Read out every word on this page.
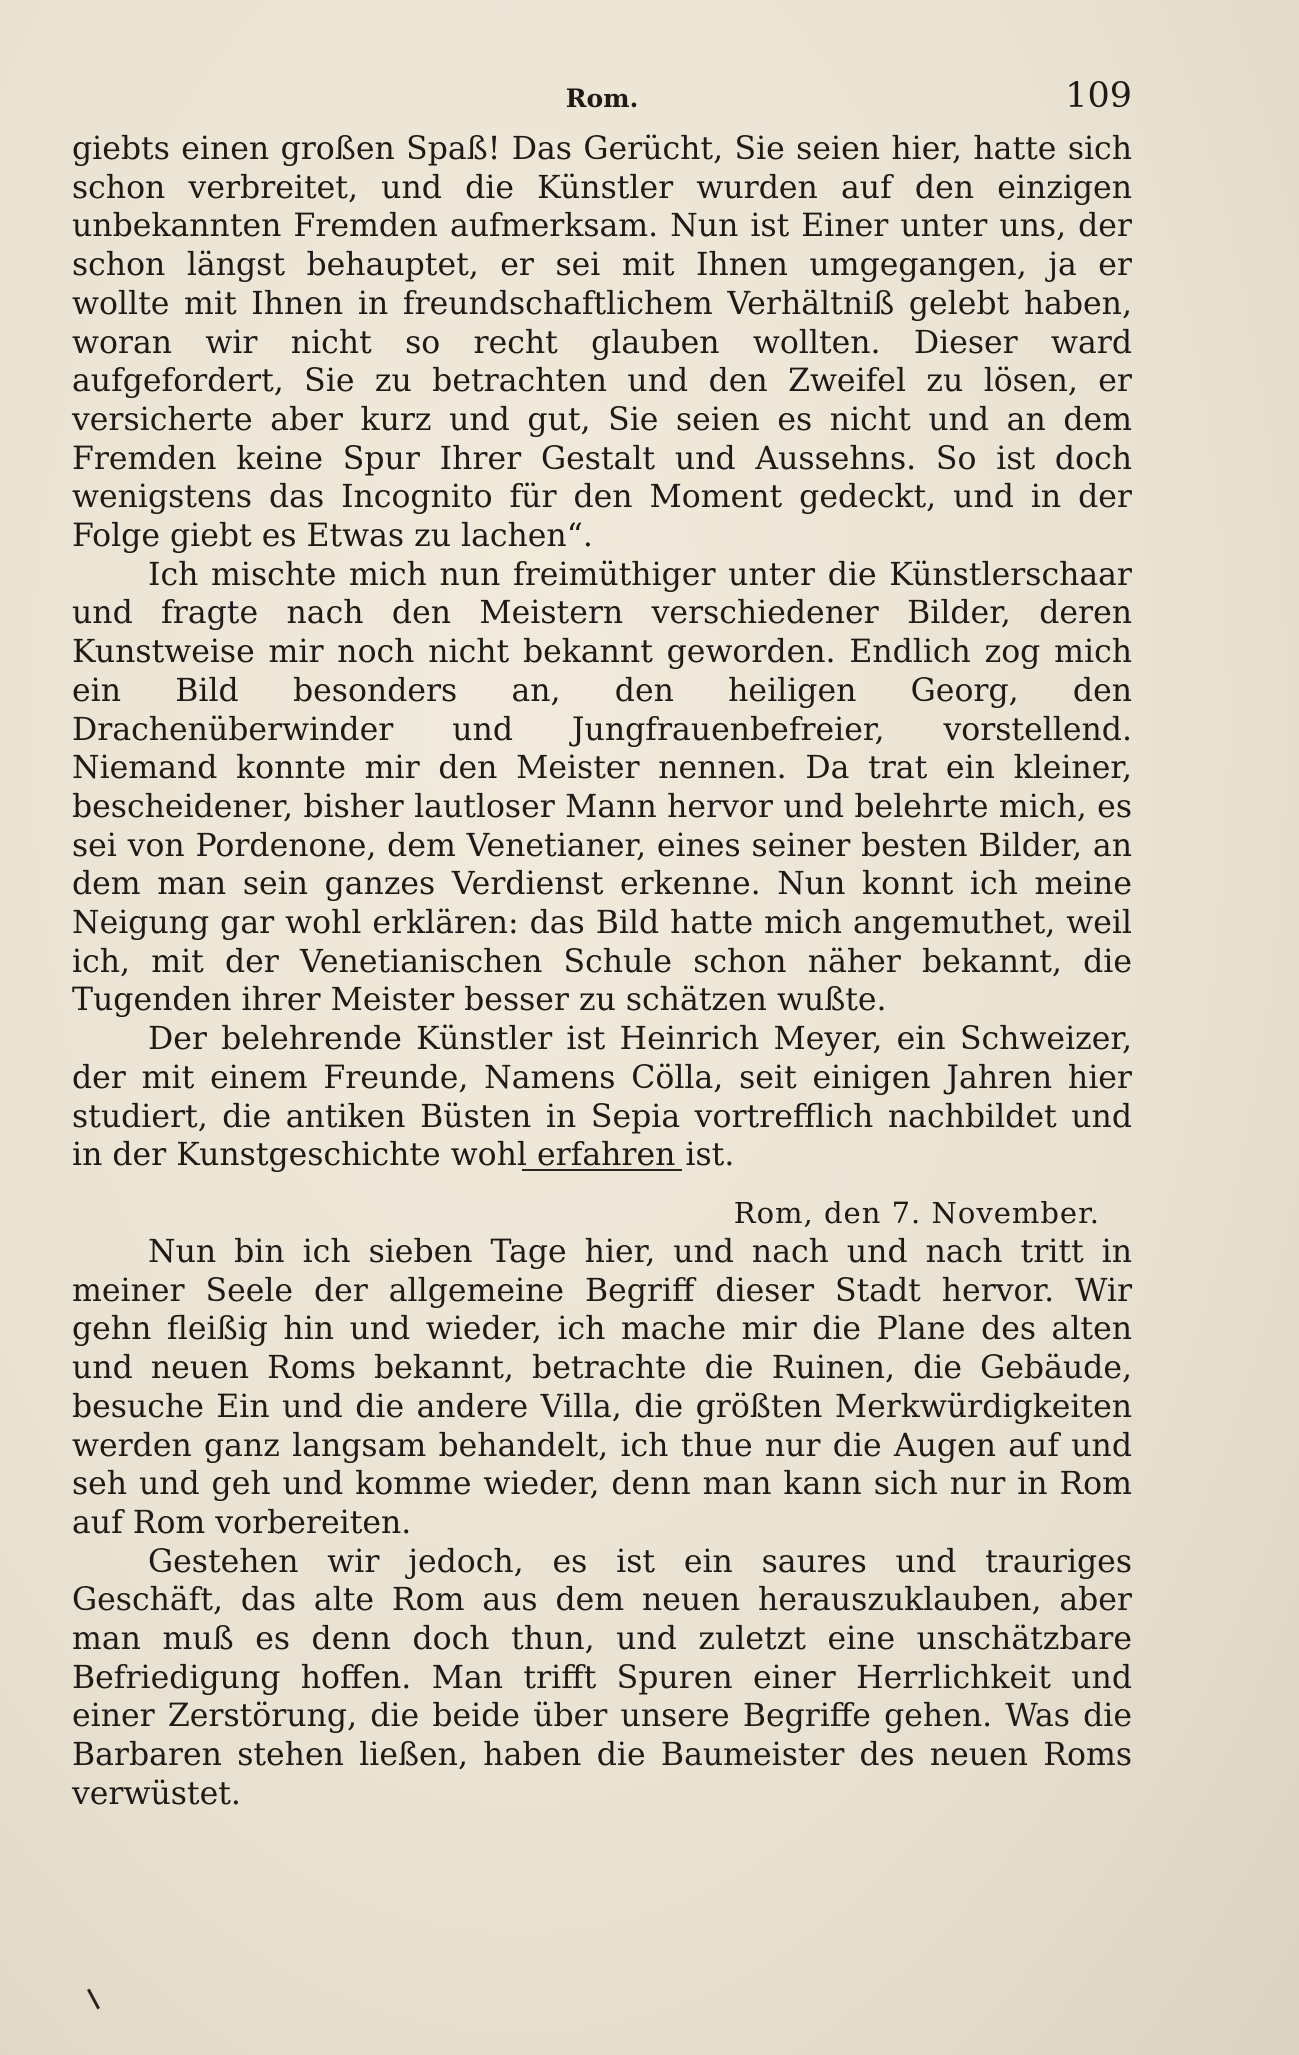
Rom.	109

giebts einen großen Spaß! Das Gerücht, Sie seien hier, hatte sich schon verbreitet, und die Künstler wurden auf den einzigen unbekannten Fremden aufmerksam. Nun ist Einer unter uns, der schon längst behauptet, er sei mit Ihnen umgegangen, ja er wollte mit Ihnen in freundschaftlichem Verhältniß gelebt haben, woran wir nicht so recht glauben wollten. Dieser ward aufgefordert, Sie zu betrachten und den Zweifel zu lösen, er versicherte aber kurz und gut, Sie seien es nicht und an dem Fremden keine Spur Ihrer Gestalt und Aussehns. So ist doch wenigstens das Incognito für den Moment gedeckt, und in der Folge giebt es Etwas zu lachen“.

Ich mischte mich nun freimüthiger unter die Künstlerschaar und fragte nach den Meistern verschiedener Bilder, deren Kunstweise mir noch nicht bekannt geworden. Endlich zog mich ein Bild besonders an, den heiligen Georg, den Drachenüberwinder und Jungfrauenbefreier, vorstellend. Niemand konnte mir den Meister nennen. Da trat ein kleiner, bescheidener, bisher lautloser Mann hervor und belehrte mich, es sei von Pordenone, dem Venetianer, eines seiner besten Bilder, an dem man sein ganzes Verdienst erkenne. Nun konnt ich meine Neigung gar wohl erklären: das Bild hatte mich angemuthet, weil ich, mit der Venetianischen Schule schon näher bekannt, die Tugenden ihrer Meister besser zu schätzen wußte.

Der belehrende Künstler ist Heinrich Meyer, ein Schweizer, der mit einem Freunde, Namens Cölla, seit einigen Jahren hier studiert, die antiken Büsten in Sepia vortrefflich nachbildet und in der Kunstgeschichte wohl erfahren ist.

Rom, den 7. November.

Nun bin ich sieben Tage hier, und nach und nach tritt in meiner Seele der allgemeine Begriff dieser Stadt hervor. Wir gehn fleißig hin und wieder, ich mache mir die Plane des alten und neuen Roms bekannt, betrachte die Ruinen, die Gebäude, besuche Ein und die andere Villa, die größten Merkwürdigkeiten werden ganz langsam behandelt, ich thue nur die Augen auf und seh und geh und komme wieder, denn man kann sich nur in Rom auf Rom vorbereiten.

Gestehen wir jedoch, es ist ein saures und trauriges Geschäft, das alte Rom aus dem neuen herauszuklauben, aber man muß es denn doch thun, und zuletzt eine unschätzbare Befriedigung hoffen. Man trifft Spuren einer Herrlichkeit und einer Zerstörung, die beide über unsere Begriffe gehen. Was die Barbaren stehen ließen, haben die Baumeister des neuen Roms verwüstet.
